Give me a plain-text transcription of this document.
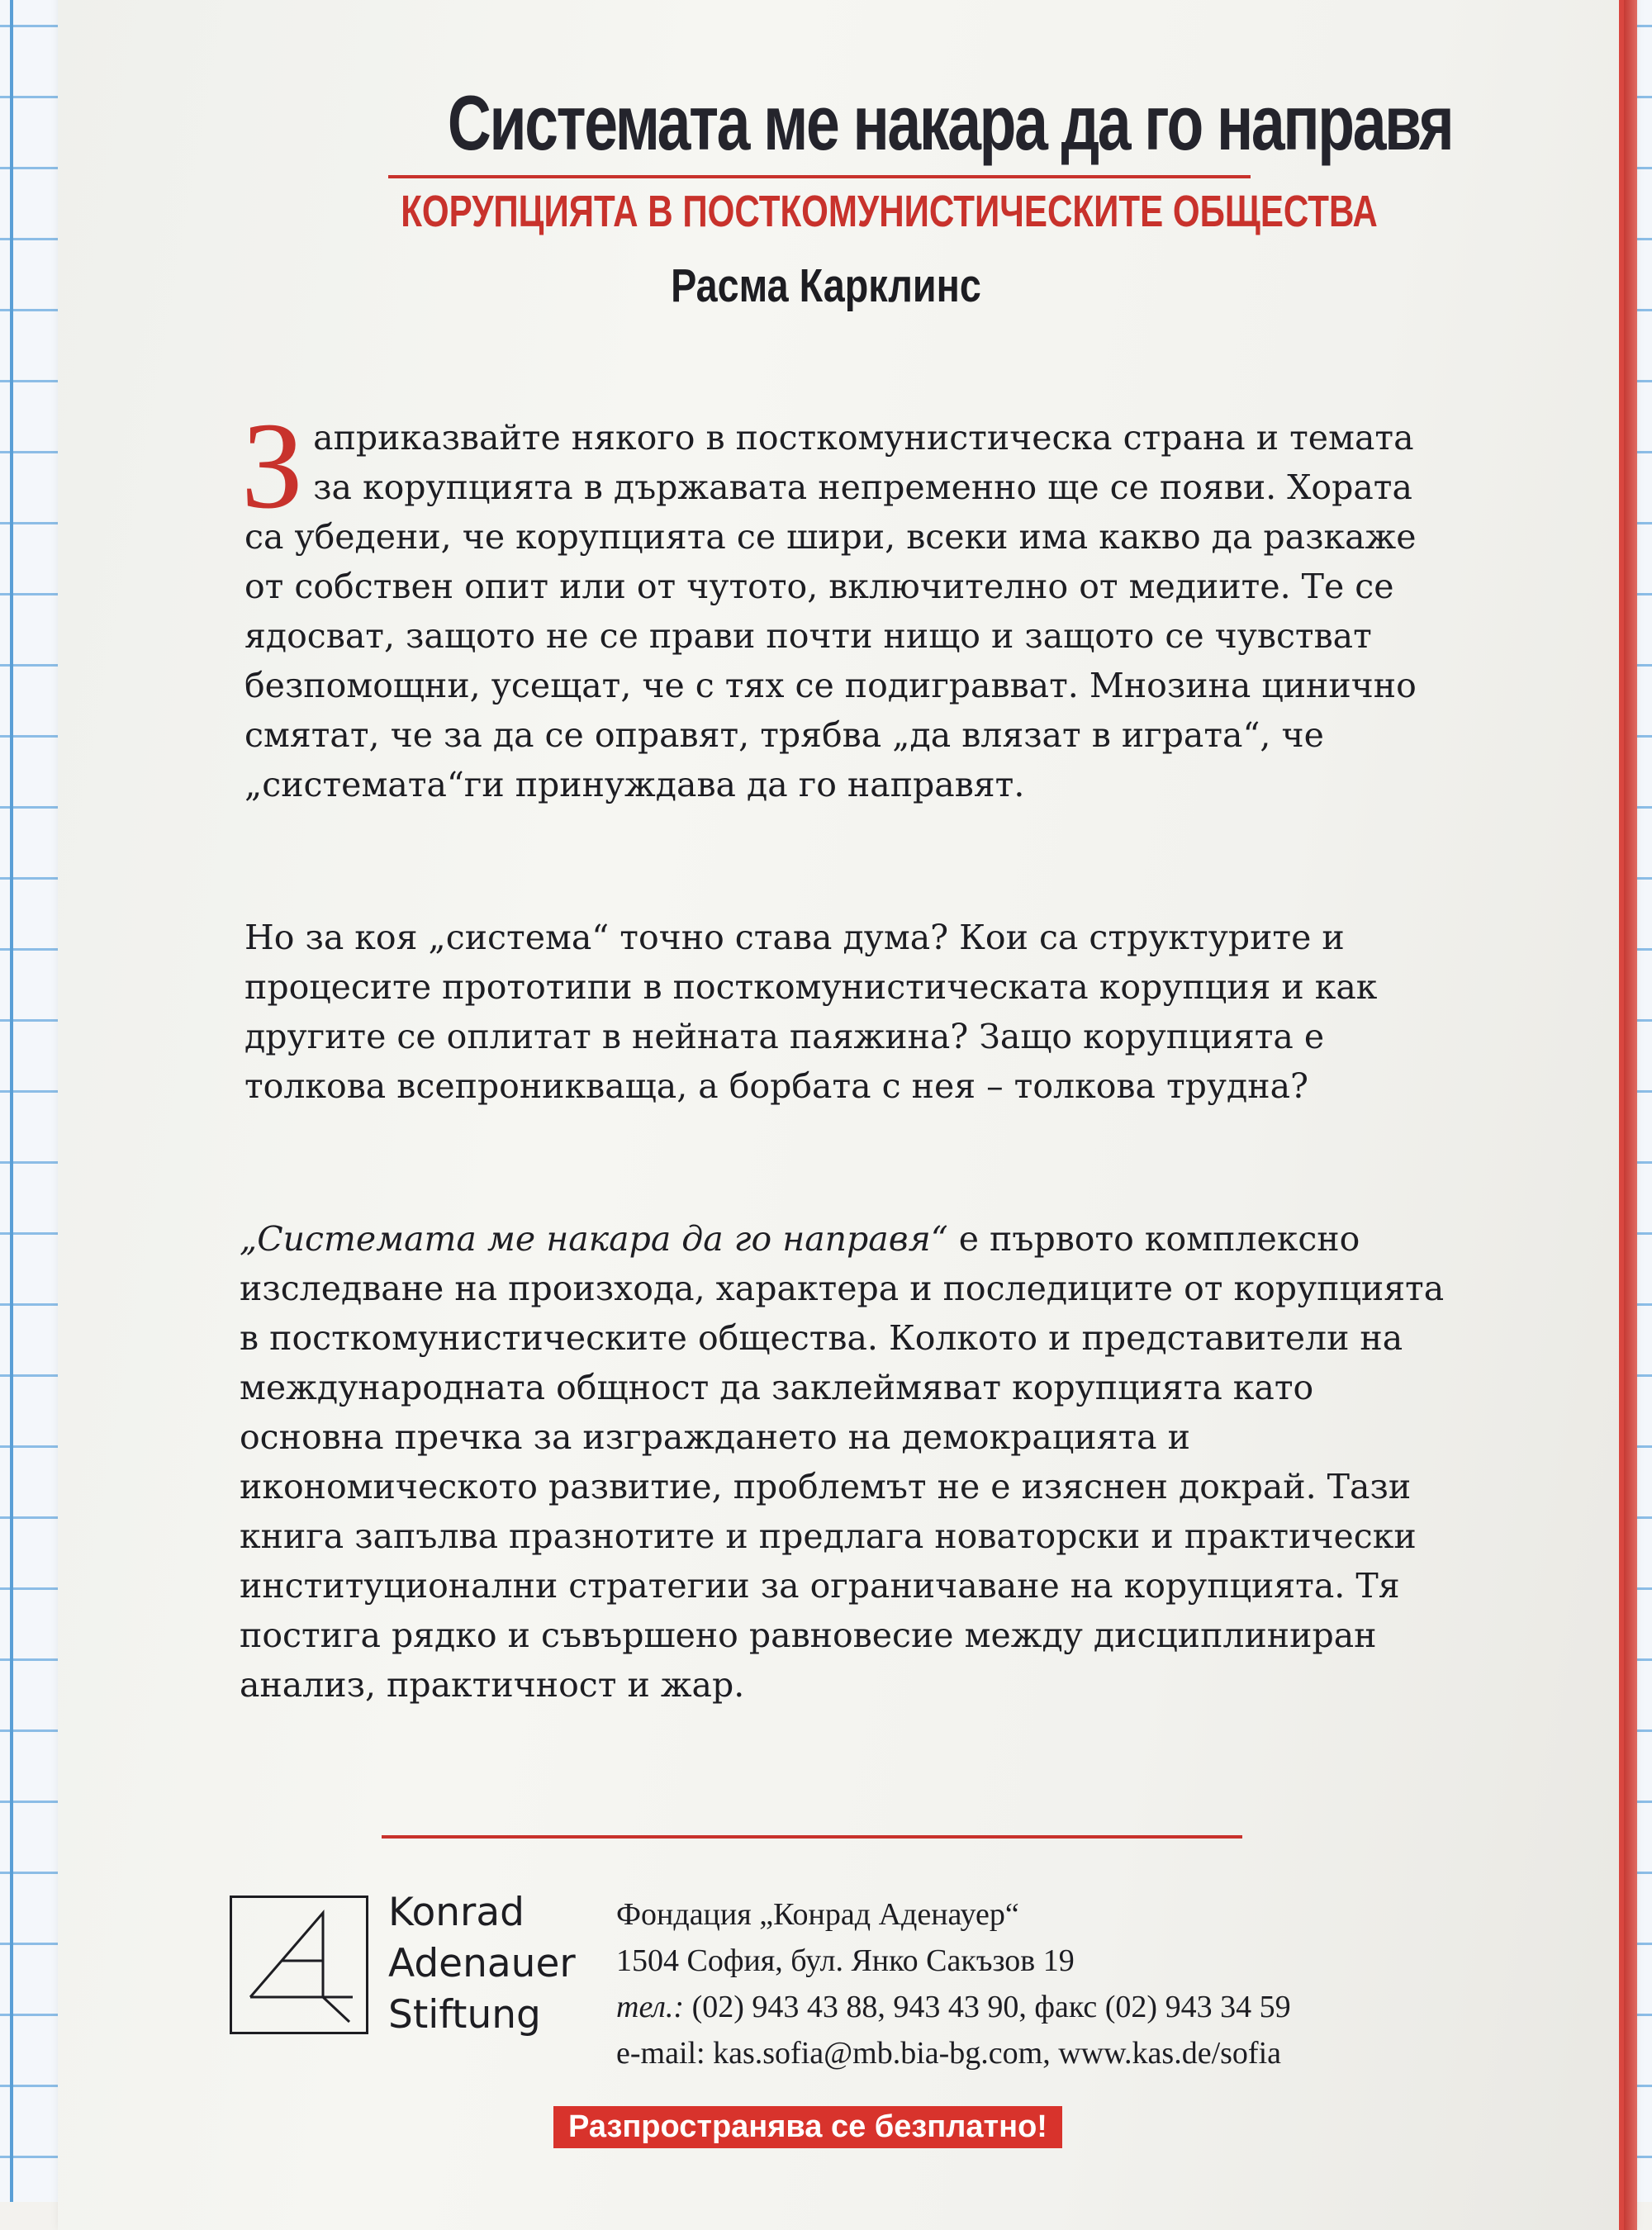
Системата ме накара да го направя
КОРУПЦИЯТА В ПОСТКОМУНИСТИЧЕСКИТЕ ОБЩЕСТВА
Расма Карклинс

Заприказвайте някого в посткомунистическа страна и темата за корупцията в държавата непременно ще се появи. Хората са убедени, че корупцията се шири, всеки има какво да разкаже от собствен опит или от чутото, включително от медиите. Те се ядосват, защото не се прави почти нищо и защото се чувстват безпомощни, усещат, че с тях се подигравват. Мнозина цинично смятат, че за да се оправят, трябва „да влязат в играта“, че „системата“ги принуждава да го направят.

Но за коя „система“ точно става дума? Кои са структурите и процесите прототипи в посткомунистическата корупция и как другите се оплитат в нейната паяжина? Защо корупцията е толкова всепроникваща, а борбата с нея – толкова трудна?

„Системата ме накара да го направя“ е първото комплексно изследване на произхода, характера и последиците от корупцията в посткомунистическите общества. Колкото и представители на международната общност да заклеймяват корупцията като основна пречка за изграждането на демокрацията и икономическото развитие, проблемът не е изяснен докрай. Тази книга запълва празнотите и предлага новаторски и практически институционални стратегии за ограничаване на корупцията. Тя постига рядко и съвършено равновесие между дисциплиниран анализ, практичност и жар.

Konrad
Adenauer
Stiftung
Фондация „Конрад Аденауер“
1504 София, бул. Янко Сакъзов 19
тел.: (02) 943 43 88, 943 43 90, факс (02) 943 34 59
e-mail: kas.sofia@mb.bia-bg.com, www.kas.de/sofia
Разпространява се безплатно!
